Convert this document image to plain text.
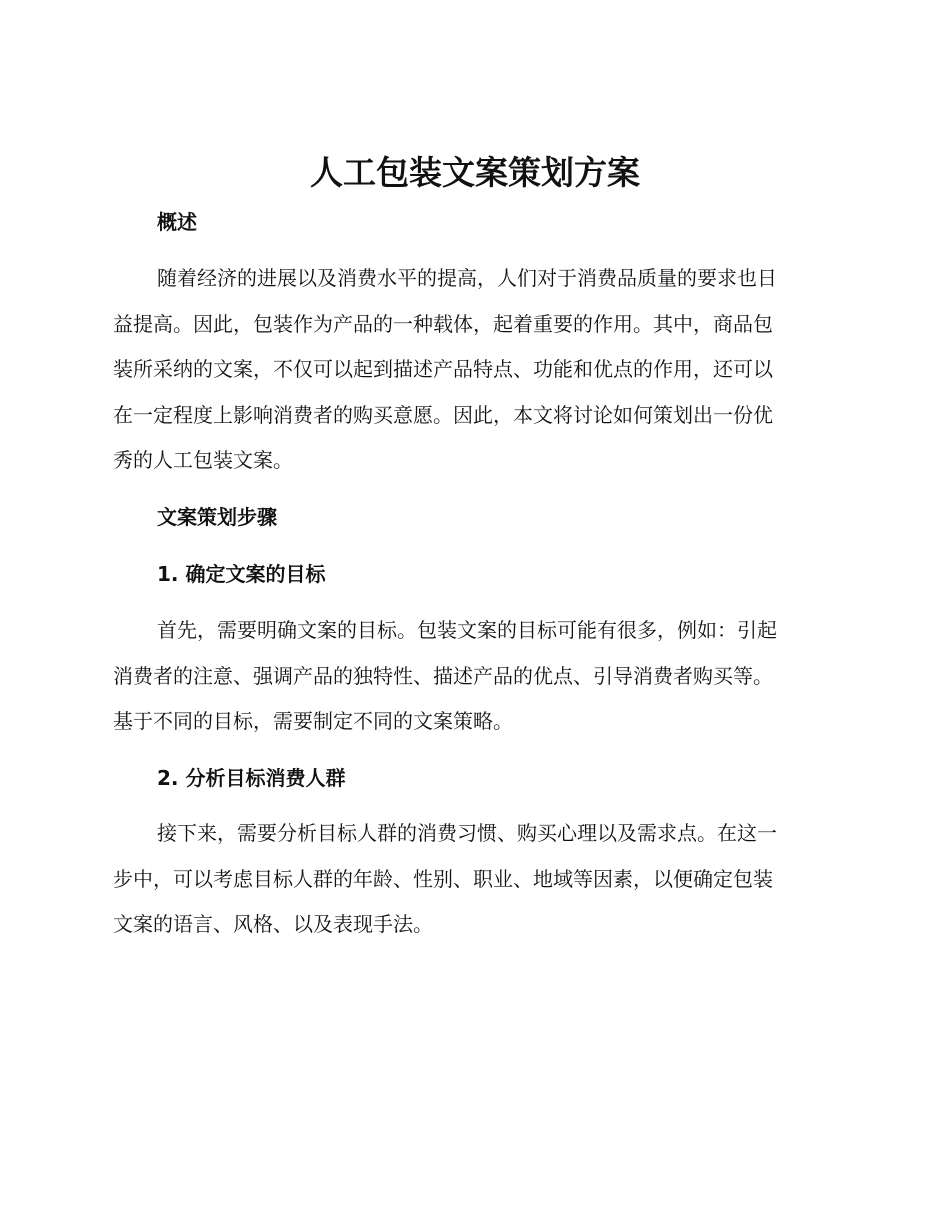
人工包装文案策划方案
概述
随着经济的进展以及消费水平的提高，人们对于消费品质量的要求也日
益提高。因此，包装作为产品的一种载体，起着重要的作用。其中，商品包
装所采纳的文案，不仅可以起到描述产品特点、功能和优点的作用，还可以
在一定程度上影响消费者的购买意愿。因此，本文将讨论如何策划出一份优
秀的人工包装文案。
文案策划步骤
1. 确定文案的目标
首先，需要明确文案的目标。包装文案的目标可能有很多，例如：引起
消费者的注意、强调产品的独特性、描述产品的优点、引导消费者购买等。
基于不同的目标，需要制定不同的文案策略。
2. 分析目标消费人群
接下来，需要分析目标人群的消费习惯、购买心理以及需求点。在这一
步中，可以考虑目标人群的年龄、性别、职业、地域等因素，以便确定包装
文案的语言、风格、以及表现手法。
